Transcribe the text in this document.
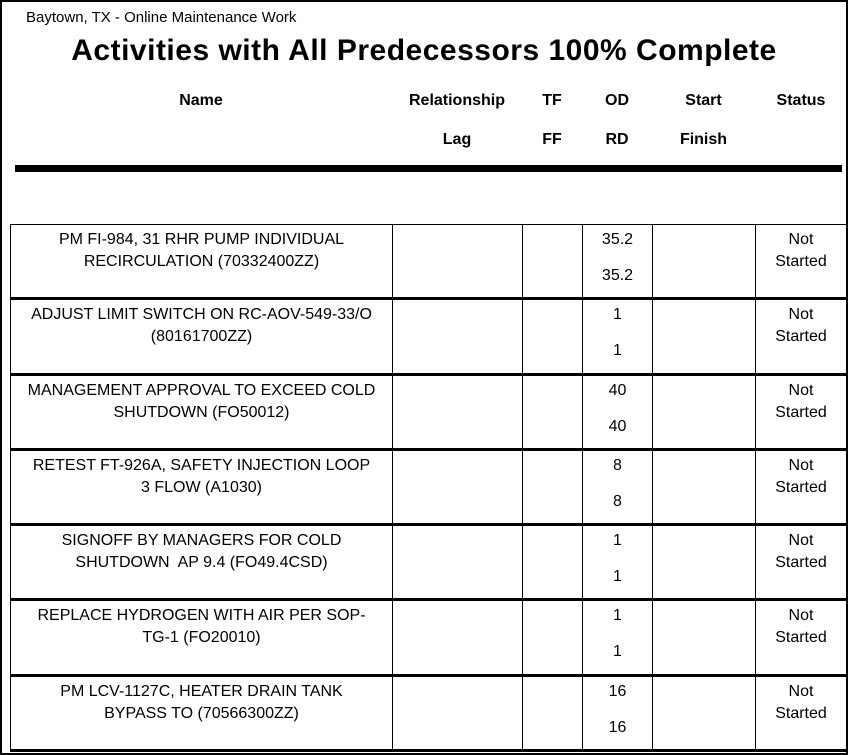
Baytown, TX - Online Maintenance Work
Activities with All Predecessors 100% Complete
Name	Relationship
Lag
TF
FF
OD
RD
Start
Finish
Status
PM FI-984, 31 RHR PUMP INDIVIDUAL
RECIRCULATION (70332400ZZ)
35.2
35.2
Not Started
ADJUST LIMIT SWITCH ON RC-AOV-549-33/O
(80161700ZZ)
1
1
Not Started
MANAGEMENT APPROVAL TO EXCEED COLD
SHUTDOWN (FO50012)
40
40
Not Started
RETEST FT-926A, SAFETY INJECTION LOOP
3 FLOW (A1030)
8
8
Not Started
SIGNOFF BY MANAGERS FOR COLD
SHUTDOWN  AP 9.4 (FO49.4CSD)
1
1
Not Started
REPLACE HYDROGEN WITH AIR PER SOP-
TG-1 (FO20010)
1
1
Not Started
PM LCV-1127C, HEATER DRAIN TANK
BYPASS TO (70566300ZZ)
16
16
Not Started
